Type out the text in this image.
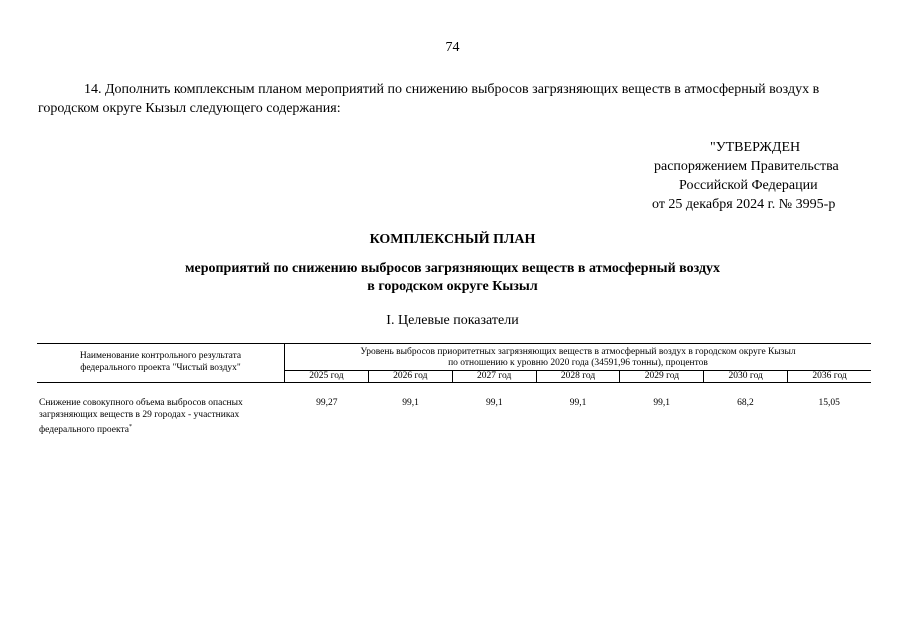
74
14. Дополнить комплексным планом мероприятий по снижению выбросов загрязняющих веществ в атмосферный воздух в городском округе Кызыл следующего содержания:
"УТВЕРЖДЕН
распоряжением Правительства
Российской Федерации
от 25 декабря 2024 г. № 3995-р
КОМПЛЕКСНЫЙ ПЛАН
мероприятий по снижению выбросов загрязняющих веществ в атмосферный воздух
в городском округе Кызыл
I. Целевые показатели
Наименование контрольного результата
федерального проекта "Чистый воздух"
Уровень выбросов приоритетных загрязняющих веществ в атмосферный воздух в городском округе Кызыл
по отношению к уровню 2020 года (34591,96 тонны), процентов
2025 год	2026 год	2027 год	2028 год	2029 год	2030 год	2036 год
Снижение совокупного объема выбросов опасных
загрязняющих веществ в 29 городах - участниках
федерального проекта*
99,27	99,1	99,1	99,1	99,1	68,2	15,05
